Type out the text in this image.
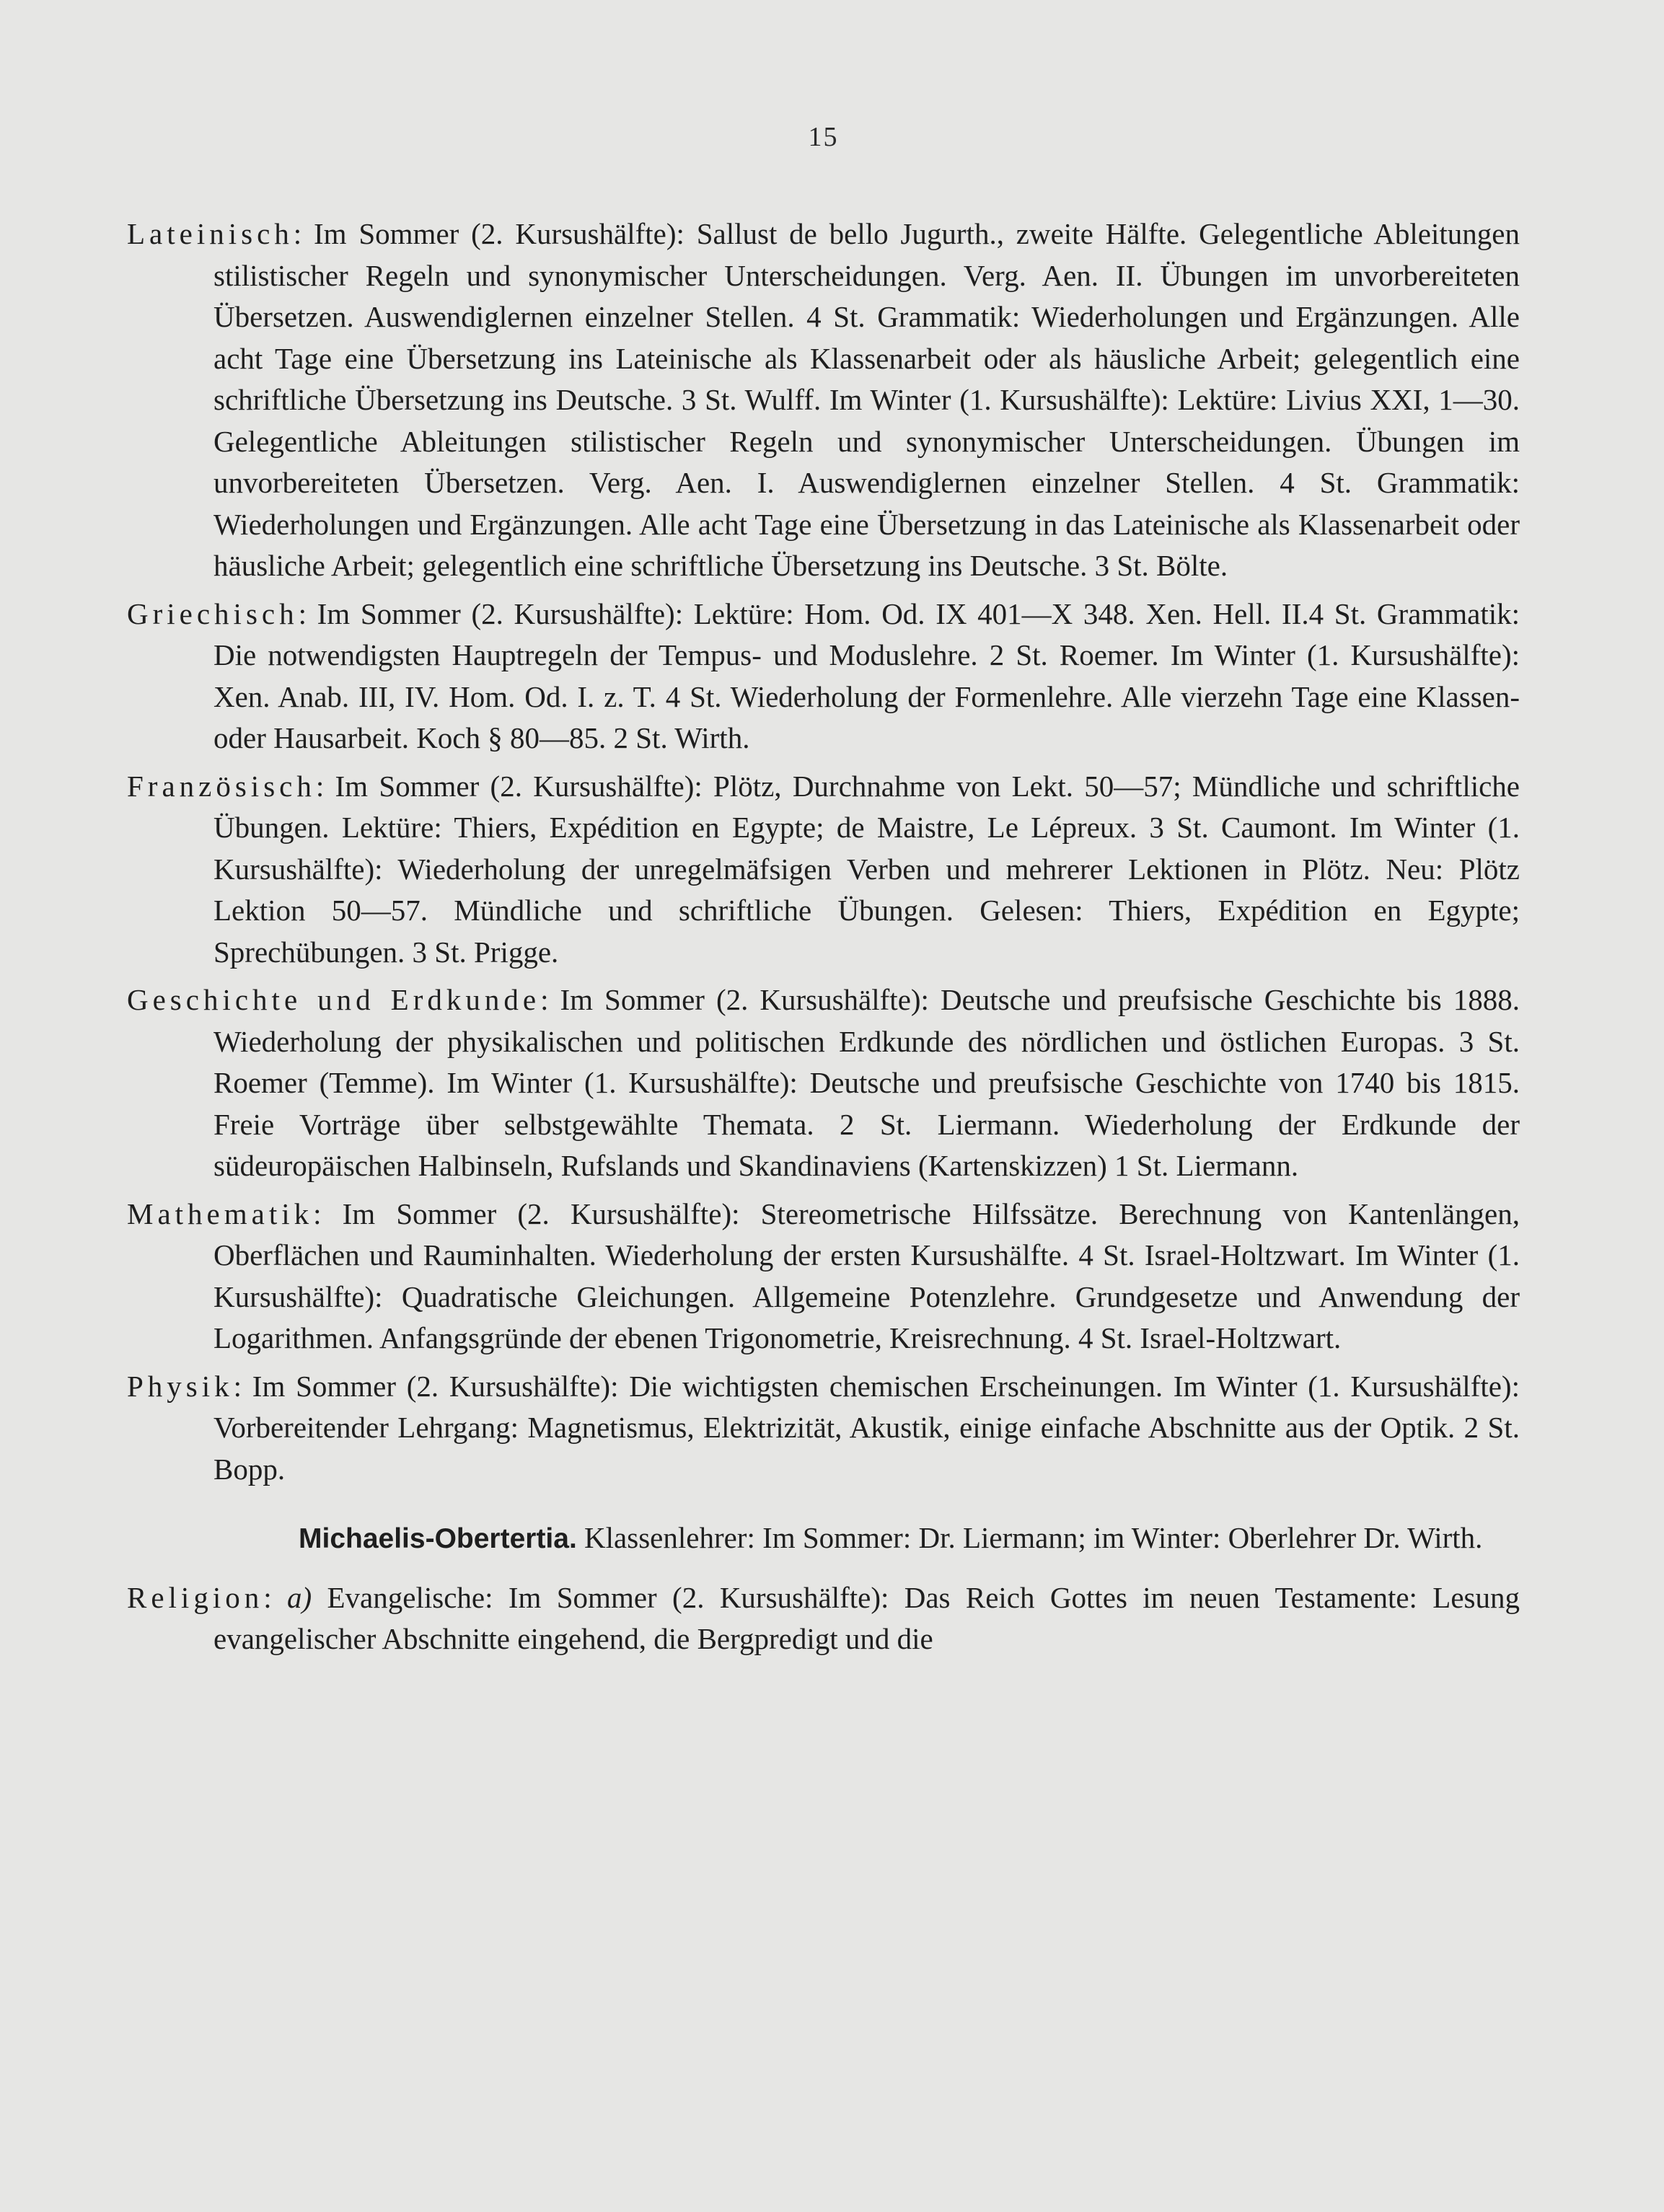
15
Lateinisch: Im Sommer (2. Kursushälfte): Sallust de bello Jugurth., zweite Hälfte. Gelegentliche Ableitungen stilistischer Regeln und synonymischer Unterscheidungen. Verg. Aen. II. Übungen im unvorbereiteten Übersetzen. Auswendiglernen einzelner Stellen. 4 St. Grammatik: Wiederholungen und Ergänzungen. Alle acht Tage eine Übersetzung ins Lateinische als Klassenarbeit oder als häusliche Arbeit; gelegentlich eine schriftliche Übersetzung ins Deutsche. 3 St. Wulff. Im Winter (1. Kursushälfte): Lektüre: Livius XXI, 1—30. Gelegentliche Ableitungen stilistischer Regeln und synonymischer Unterscheidungen. Übungen im unvorbereiteten Übersetzen. Verg. Aen. I. Auswendiglernen einzelner Stellen. 4 St. Grammatik: Wiederholungen und Ergänzungen. Alle acht Tage eine Übersetzung in das Lateinische als Klassenarbeit oder häusliche Arbeit; gelegentlich eine schriftliche Übersetzung ins Deutsche. 3 St. Bölte.
Griechisch: Im Sommer (2. Kursushälfte): Lektüre: Hom. Od. IX 401—X 348. Xen. Hell. II.4 St. Grammatik: Die notwendigsten Hauptregeln der Tempus- und Moduslehre. 2 St. Roemer. Im Winter (1. Kursushälfte): Xen. Anab. III, IV. Hom. Od. I. z. T. 4 St. Wiederholung der Formenlehre. Alle vierzehn Tage eine Klassen- oder Hausarbeit. Koch § 80—85. 2 St. Wirth.
Französisch: Im Sommer (2. Kursushälfte): Plötz, Durchnahme von Lekt. 50—57; Mündliche und schriftliche Übungen. Lektüre: Thiers, Expédition en Egypte; de Maistre, Le Lépreux. 3 St. Caumont. Im Winter (1. Kursushälfte): Wiederholung der unregelmäfsigen Verben und mehrerer Lektionen in Plötz. Neu: Plötz Lektion 50—57. Mündliche und schriftliche Übungen. Gelesen: Thiers, Expédition en Egypte; Sprechübungen. 3 St. Prigge.
Geschichte und Erdkunde: Im Sommer (2. Kursushälfte): Deutsche und preufsische Geschichte bis 1888. Wiederholung der physikalischen und politischen Erdkunde des nördlichen und östlichen Europas. 3 St. Roemer (Temme). Im Winter (1. Kursushälfte): Deutsche und preufsische Geschichte von 1740 bis 1815. Freie Vorträge über selbstgewählte Themata. 2 St. Liermann. Wiederholung der Erdkunde der südeuropäischen Halbinseln, Rufslands und Skandinaviens (Kartenskizzen) 1 St. Liermann.
Mathematik: Im Sommer (2. Kursushälfte): Stereometrische Hilfssätze. Berechnung von Kantenlängen, Oberflächen und Rauminhalten. Wiederholung der ersten Kursushälfte. 4 St. Israel-Holtzwart. Im Winter (1. Kursushälfte): Quadratische Gleichungen. Allgemeine Potenzlehre. Grundgesetze und Anwendung der Logarithmen. Anfangsgründe der ebenen Trigonometrie, Kreisrechnung. 4 St. Israel-Holtzwart.
Physik: Im Sommer (2. Kursushälfte): Die wichtigsten chemischen Erscheinungen. Im Winter (1. Kursushälfte): Vorbereitender Lehrgang: Magnetismus, Elektrizität, Akustik, einige einfache Abschnitte aus der Optik. 2 St. Bopp.
Michaelis-Obertertia. Klassenlehrer: Im Sommer: Dr. Liermann; im Winter: Oberlehrer Dr. Wirth.
Religion: a) Evangelische: Im Sommer (2. Kursushälfte): Das Reich Gottes im neuen Testamente: Lesung evangelischer Abschnitte eingehend, die Bergpredigt und die
